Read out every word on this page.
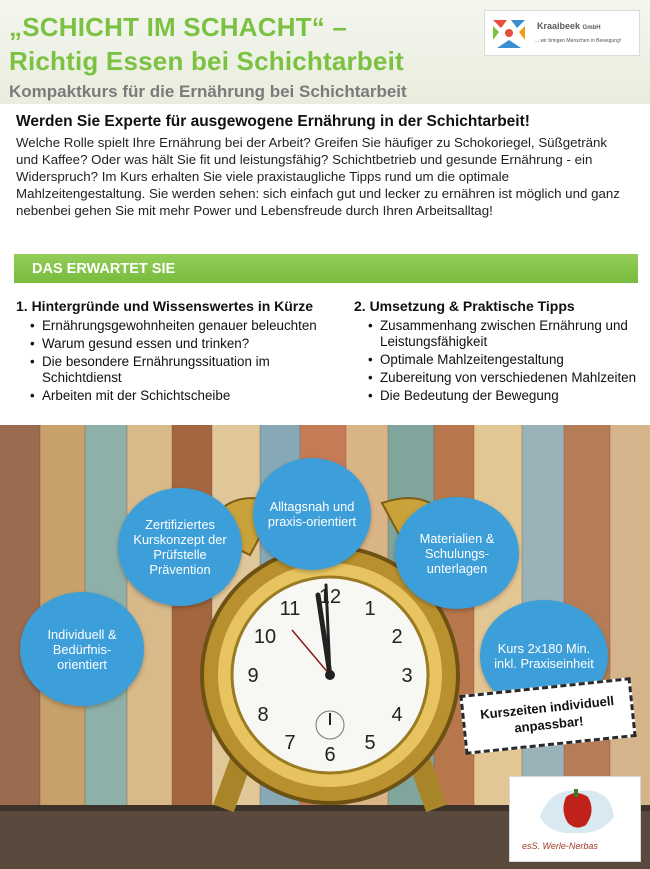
„SCHICHT IM SCHACHT“ –
Richtig Essen bei Schichtarbeit
Kompaktkurs für die Ernährung bei Schichtarbeit
Kraaibeek GmbH
... wir bringen Menschen in Bewegung!
Werden Sie Experte für ausgewogene Ernährung in der Schichtarbeit!
Welche Rolle spielt Ihre Ernährung bei der Arbeit? Greifen Sie häufiger zu Schokoriegel, Süßgetränk und Kaffee? Oder was hält Sie fit und leistungsfähig? Schichtbetrieb und gesunde Ernährung - ein Widerspruch? Im Kurs erhalten Sie viele praxistaugliche Tipps rund um die optimale Mahlzeitengestaltung. Sie werden sehen: sich einfach gut und lecker zu ernähren ist möglich und ganz nebenbei gehen Sie mit mehr Power und Lebensfreude durch Ihren Arbeitsalltag!
DAS ERWARTET SIE
1. Hintergründe und Wissenswertes in Kürze
• Ernährungsgewohnheiten genauer beleuchten
• Warum gesund essen und trinken?
• Die besondere Ernährungssituation im Schichtdienst
• Arbeiten mit der Schichtscheibe
2. Umsetzung & Praktische Tipps
• Zusammenhang zwischen Ernährung und Leistungsfähigkeit
• Optimale Mahlzeitengestaltung
• Zubereitung von verschiedenen Mahlzeiten
• Die Bedeutung der Bewegung
12
1
2
3
4
5
6
7
8
9
10
11
Alltagsnah und praxis-orientiert
Zertifiziertes Kurskonzept der Prüfstelle Prävention
Materialien & Schulungs-unterlagen
Individuell & Bedürfnis-orientiert
Kurs 2x180 Min. inkl. Praxiseinheit
Kurszeiten individuell anpassbar!
esS. Werle-Nerbas
